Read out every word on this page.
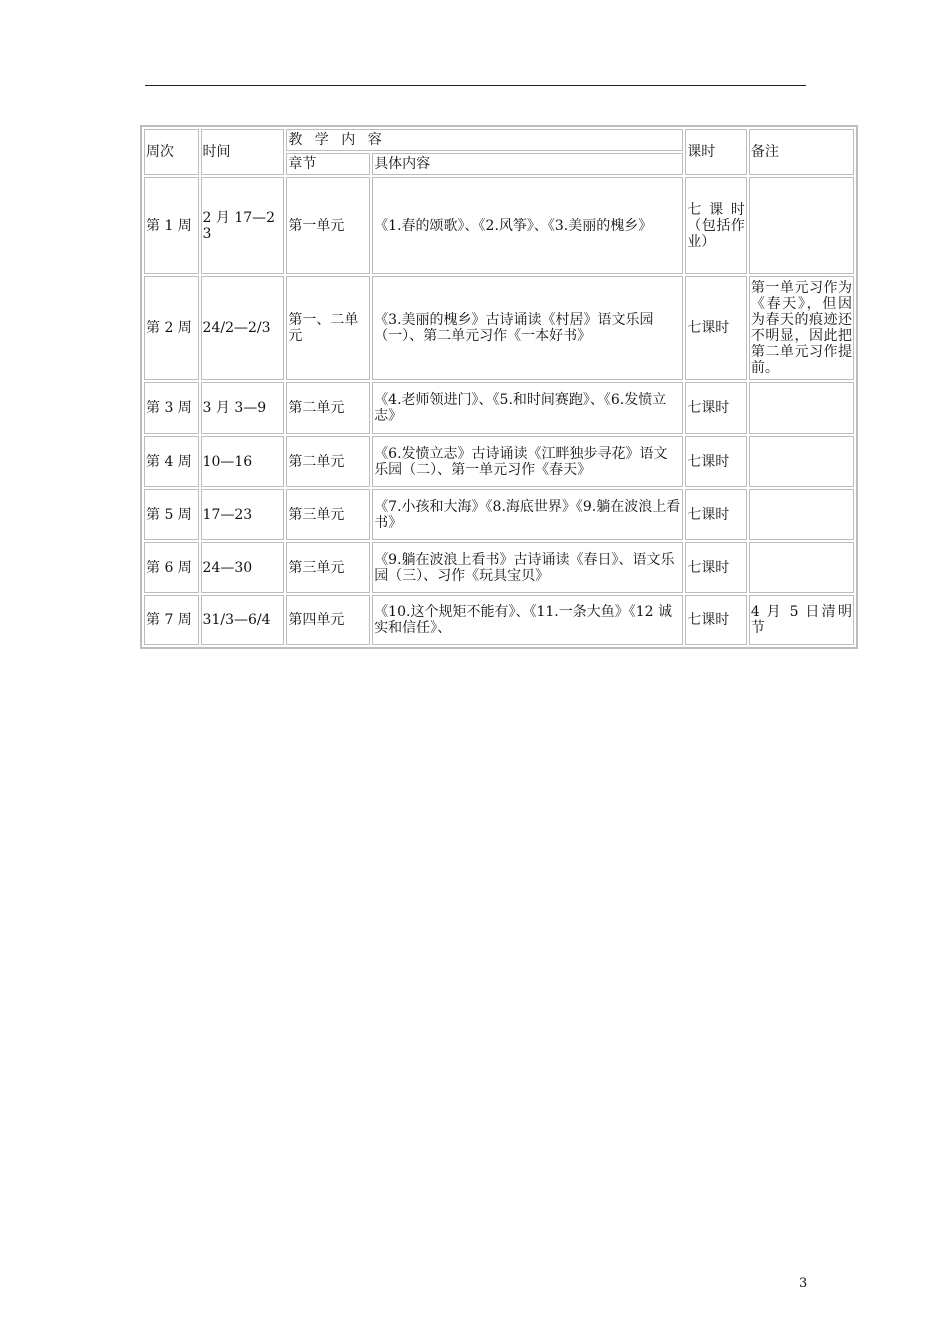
周次	时间	教 学 内 容		课时	备注
		章节	具体内容		
第 1 周	2 月 17—23	第一单元	《1.春的颂歌》、《2.风筝》、《3.美丽的槐乡》	七 课 时（包括作业）	
第 2 周	24/2—2/3	第一、二单元	《3.美丽的槐乡》古诗诵读《村居》语文乐园（一）、第二单元习作《一本好书》	七课时	第一单元习作为《春天》，但因为春天的痕迹还不明显，因此把第二单元习作提前。
第 3 周	3 月 3—9	第二单元	《4.老师领进门》、《5.和时间赛跑》、《6.发愤立志》	七课时	
第 4 周	10—16	第二单元	《6.发愤立志》古诗诵读《江畔独步寻花》语文乐园（二）、第一单元习作《春天》	七课时	
第 5 周	17—23	第三单元	《7.小孩和大海》《8.海底世界》《9.躺在波浪上看书》	七课时	
第 6 周	24—30	第三单元	《9.躺在波浪上看书》古诗诵读《春日》、语文乐园（三）、习作《玩具宝贝》	七课时	
第 7 周	31/3—6/4	第四单元	《10.这个规矩不能有》、《11.一条大鱼》《12 诚实和信任》、	七课时	4 月 5 日清明节
3
